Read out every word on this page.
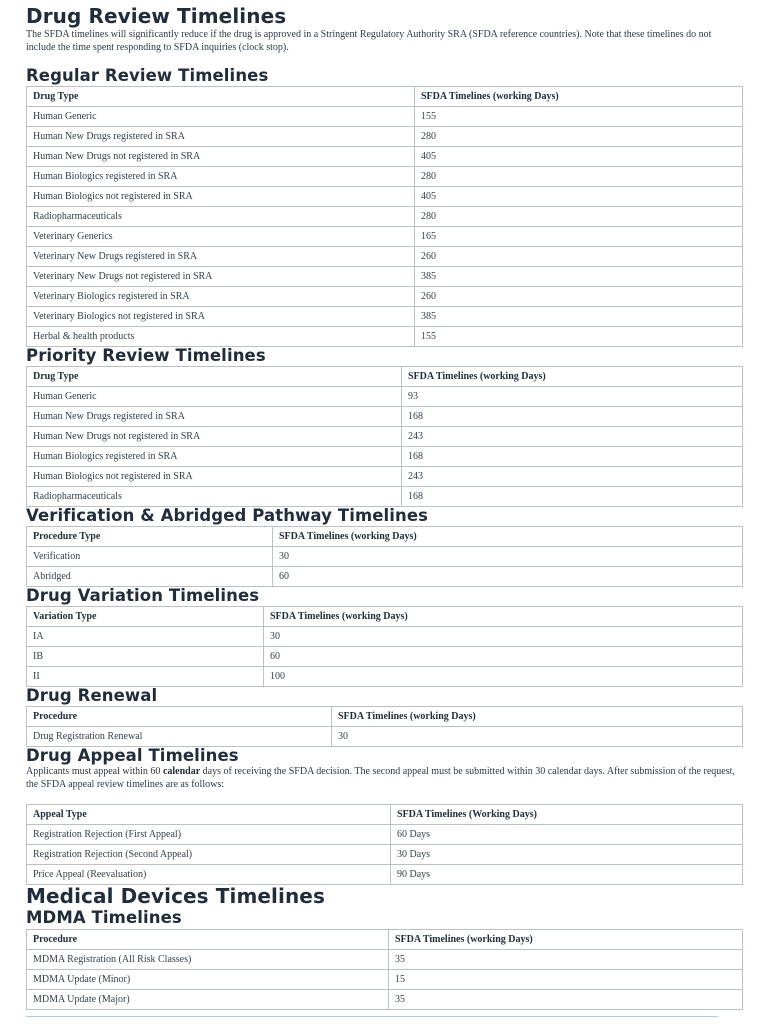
Drug Review Timelines

The SFDA timelines will significantly reduce if the drug is approved in a Stringent Regulatory Authority SRA (SFDA reference countries). Note that these timelines do not include the time spent responding to SFDA inquiries (clock stop).

Regular Review Timelines
Drug Type	SFDA Timelines (working Days)
Human Generic	155
Human New Drugs registered in SRA	280
Human New Drugs not registered in SRA	405
Human Biologics registered in SRA	280
Human Biologics not registered in SRA	405
Radiopharmaceuticals	280
Veterinary Generics	165
Veterinary New Drugs registered in SRA	260
Veterinary New Drugs not registered in SRA	385
Veterinary Biologics registered in SRA	260
Veterinary Biologics not registered in SRA	385
Herbal & health products	155
Priority Review Timelines
Drug Type	SFDA Timelines (working Days)
Human Generic	93
Human New Drugs registered in SRA	168
Human New Drugs not registered in SRA	243
Human Biologics registered in SRA	168
Human Biologics not registered in SRA	243
Radiopharmaceuticals	168
Verification & Abridged Pathway Timelines
Procedure Type	SFDA Timelines (working Days)
Verification	30
Abridged	60
Drug Variation Timelines
Variation Type	SFDA Timelines (working Days)
IA	30
IB	60
II	100
Drug Renewal
Procedure	SFDA Timelines (working Days)
Drug Registration Renewal	30
Drug Appeal Timelines

Applicants must appeal within 60 calendar days of receiving the SFDA decision. The second appeal must be submitted within 30 calendar days. After submission of the request, the SFDA appeal review timelines are as follows:

Appeal Type	SFDA Timelines (Working Days)
Registration Rejection (First Appeal)	60 Days
Registration Rejection (Second Appeal)	30 Days
Price Appeal (Reevaluation)	90 Days
Medical Devices Timelines
MDMA Timelines
Procedure	SFDA Timelines (working Days)
MDMA Registration (All Risk Classes)	35
MDMA Update (Minor)	15
MDMA Update (Major)	35
